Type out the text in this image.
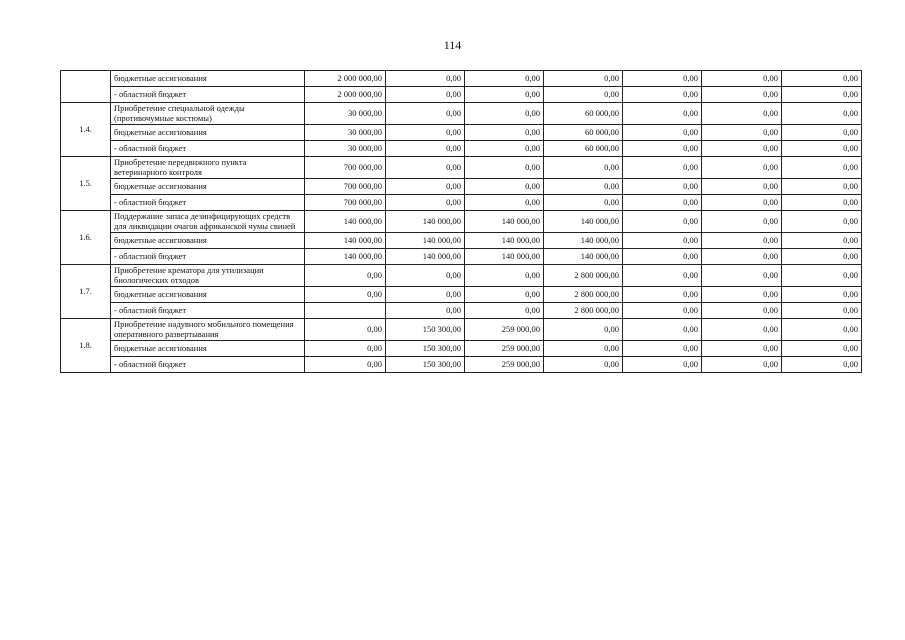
114
	бюджетные ассигнования	2 000 000,00	0,00	0,00	0,00	0,00	0,00	0,00
	- областной бюджет	2 000 000,00	0,00	0,00	0,00	0,00	0,00	0,00
1.4.	Приобретение специальной одежды (противочумные костюмы)	30 000,00	0,00	0,00	60 000,00	0,00	0,00	0,00
	бюджетные ассигнования	30 000,00	0,00	0,00	60 000,00	0,00	0,00	0,00
	- областной бюджет	30 000,00	0,00	0,00	60 000,00	0,00	0,00	0,00
1.5.	Приобретение передвижного пункта ветеринарного контроля	700 000,00	0,00	0,00	0,00	0,00	0,00	0,00
	бюджетные ассигнования	700 000,00	0,00	0,00	0,00	0,00	0,00	0,00
	- областной бюджет	700 000,00	0,00	0,00	0,00	0,00	0,00	0,00
1.6.	Поддержание запаса дезинфицирующих средств для ликвидации очагов африканской чумы свиней	140 000,00	140 000,00	140 000,00	140 000,00	0,00	0,00	0,00
	бюджетные ассигнования	140 000,00	140 000,00	140 000,00	140 000,00	0,00	0,00	0,00
	- областной бюджет	140 000,00	140 000,00	140 000,00	140 000,00	0,00	0,00	0,00
1.7.	Приобретение крематора для утилизации биологических отходов	0,00	0,00	0,00	2 800 000,00	0,00	0,00	0,00
	бюджетные ассигнования	0,00	0,00	0,00	2 800 000,00	0,00	0,00	0,00
	- областной бюджет		0,00	0,00	2 800 000,00	0,00	0,00	0,00
1.8.	Приобретение надувного мобильного помещения оперативного развертывания	0,00	150 300,00	259 000,00	0,00	0,00	0,00	0,00
	бюджетные ассигнования	0,00	150 300,00	259 000,00	0,00	0,00	0,00	0,00
	- областной бюджет	0,00	150 300,00	259 000,00	0,00	0,00	0,00	0,00
